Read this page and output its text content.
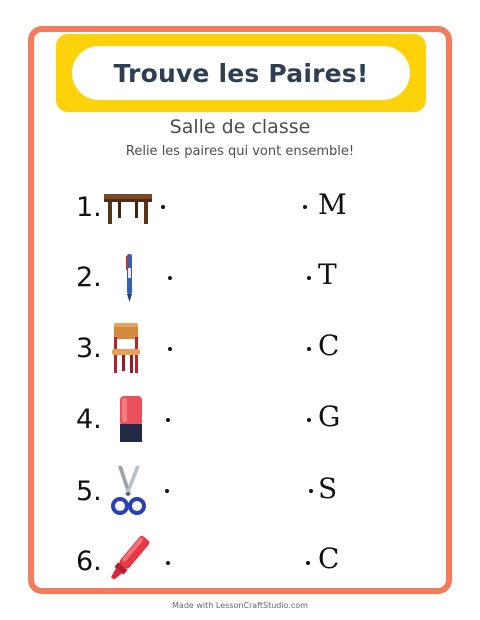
Trouve les Paires!
Salle de classe
Relie les paires qui vont ensemble!
1.	M
2.	T
3.	C
4.	G
5.	S
6.	C
Made with LessonCraftStudio.com
